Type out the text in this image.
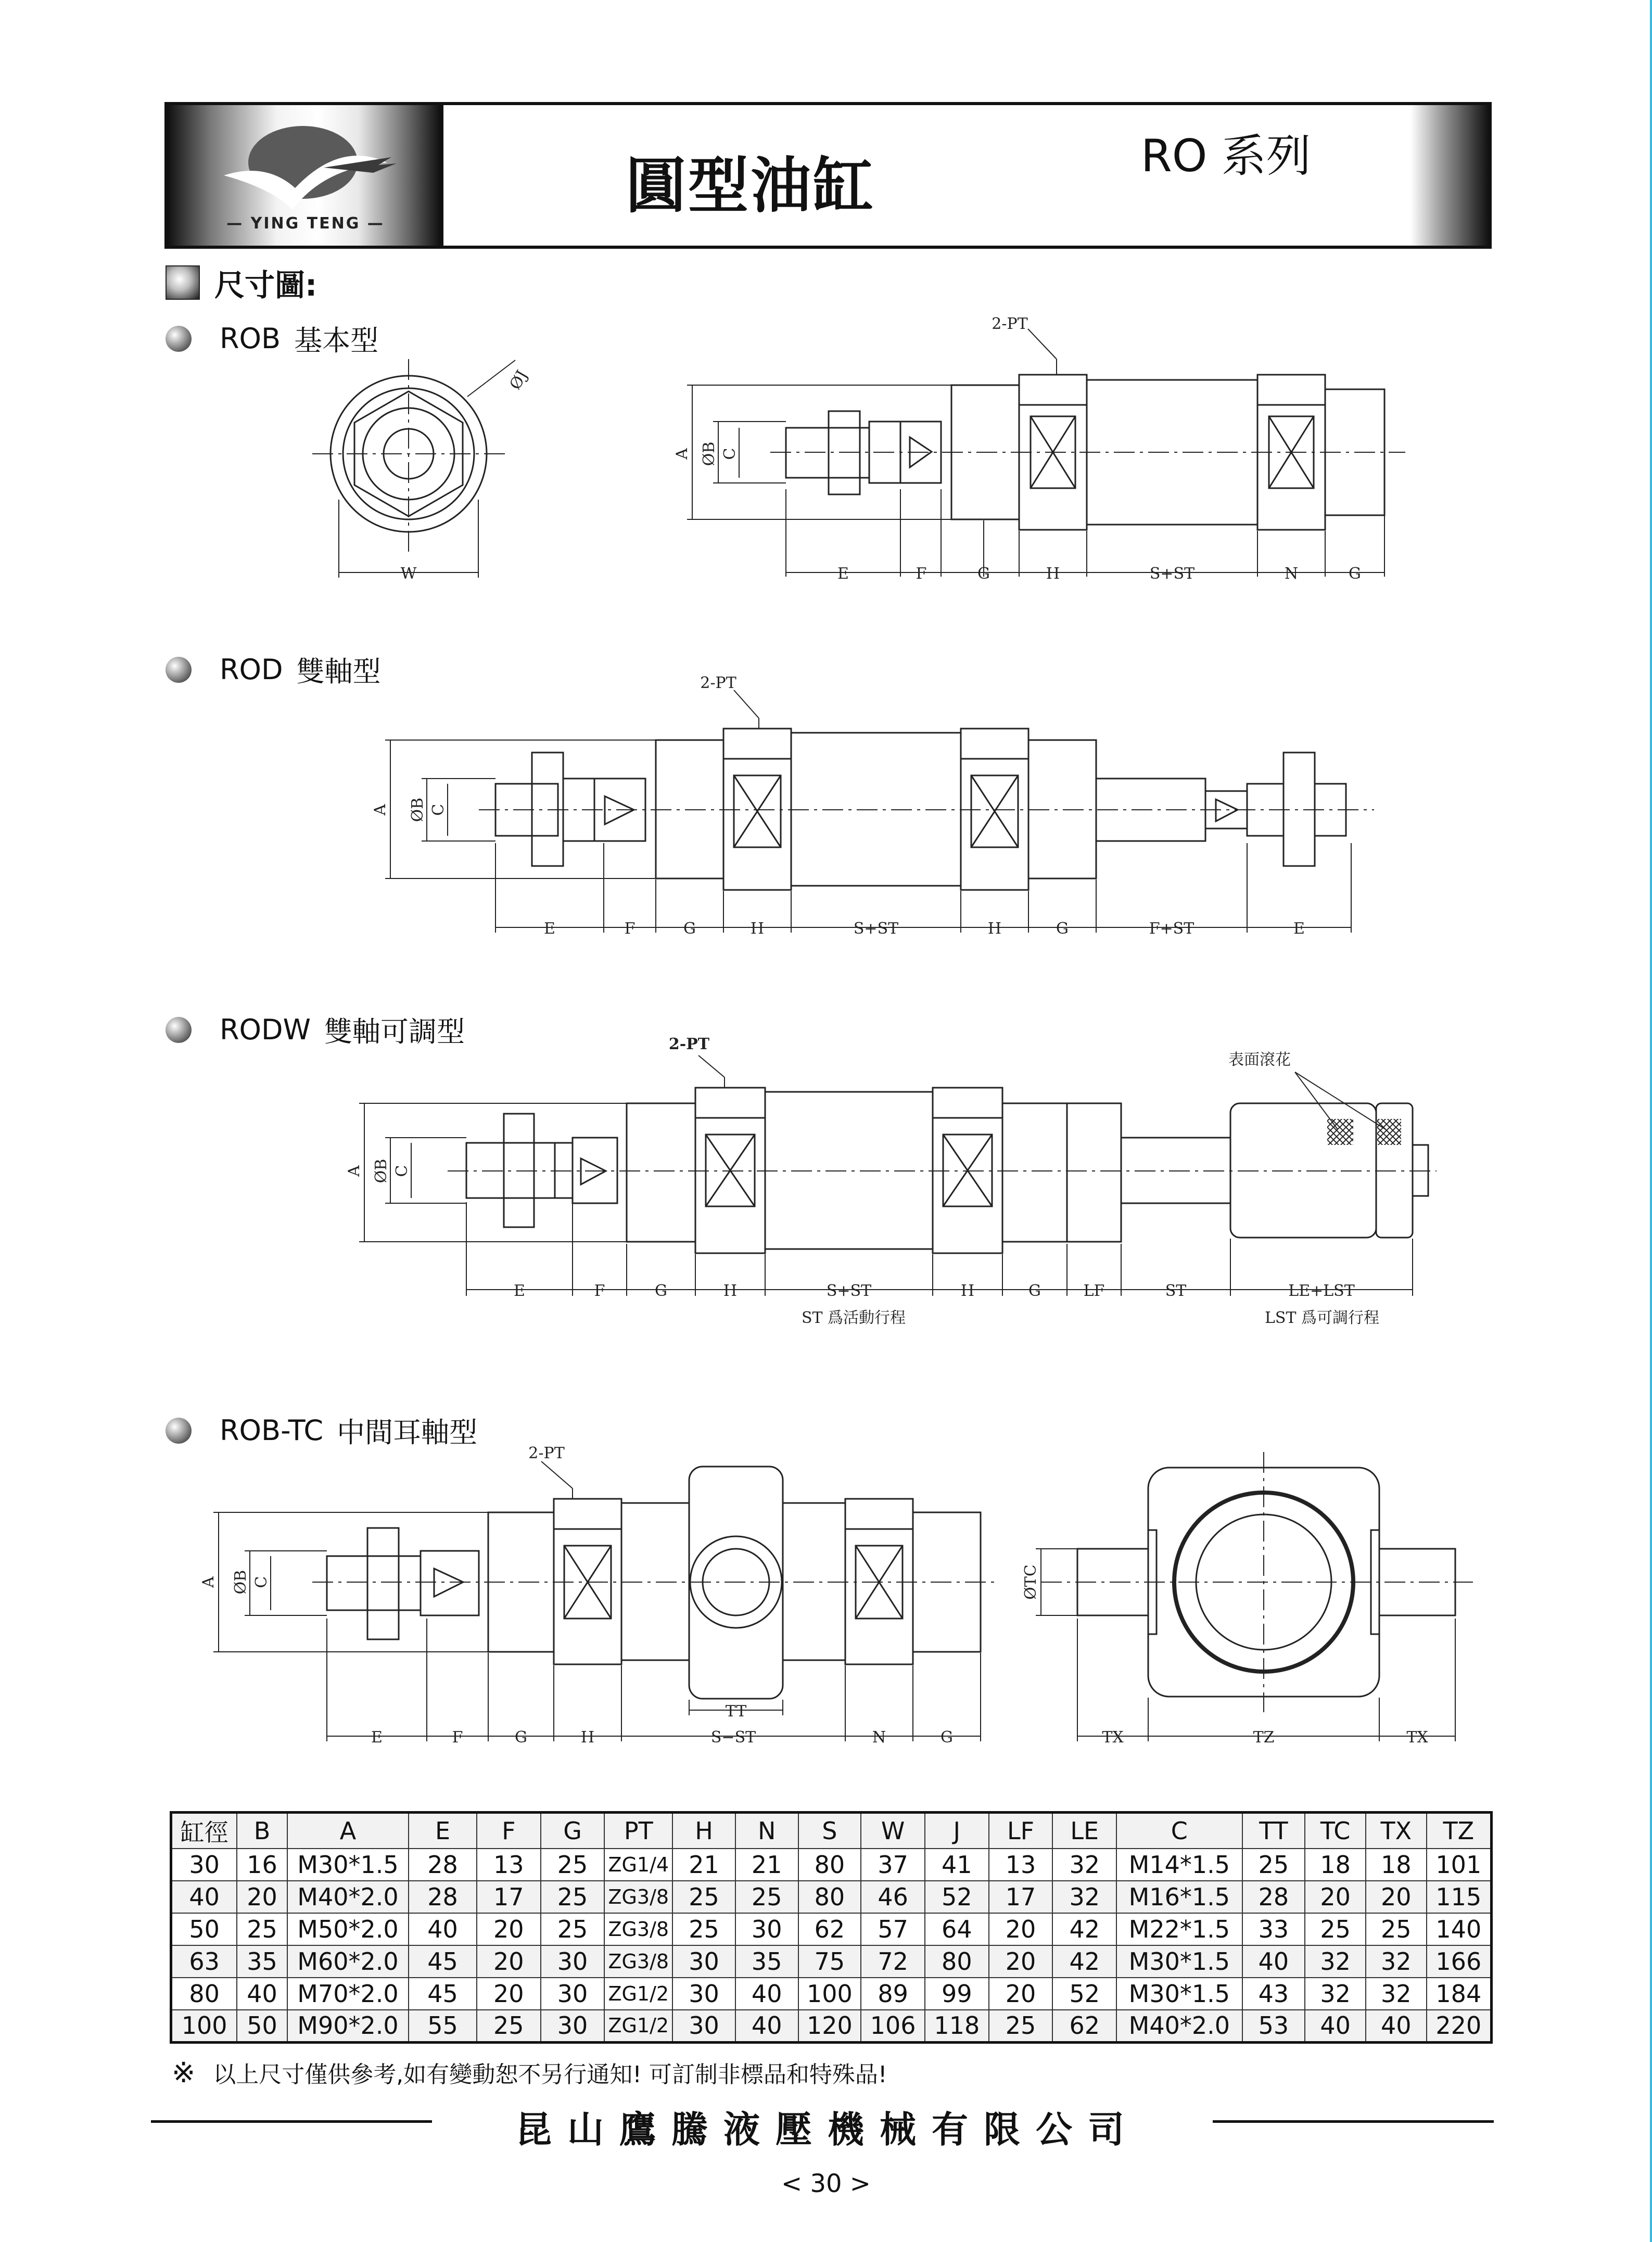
— YING TENG —
圓型油缸	RO 系列
尺寸圖:
ROB 基本型
ROD 雙軸型
RODW 雙軸可調型
ROB-TC 中間耳軸型
ØJ
W
2-PT
A ØB C
E	F	G	H	S+ST	N	G
2-PT
A ØB C
E	F	G	H	S+ST	H	G	F+ST	E
2-PT
表面滾花
A ØB C
E	F	G	H	S+ST	H	G	LF	ST	LE+LST
ST 爲活動行程	LST 爲可調行程
2-PT
A ØB C
E	F	G	H	S−ST	N	G
TT
ØTC
TX	TZ	TX
缸徑	B	A	E	F	G	PT	H	N	S	W	J	LF	LE	C	TT	TC	TX	TZ
30	16	M30*1.5	28	13	25	ZG1/4	21	21	80	37	41	13	32	M14*1.5	25	18	18	101
40	20	M40*2.0	28	17	25	ZG3/8	25	25	80	46	52	17	32	M16*1.5	28	20	20	115
50	25	M50*2.0	40	20	25	ZG3/8	25	30	62	57	64	20	42	M22*1.5	33	25	25	140
63	35	M60*2.0	45	20	30	ZG3/8	30	35	75	72	80	20	42	M30*1.5	40	32	32	166
80	40	M70*2.0	45	20	30	ZG1/2	30	40	100	89	99	20	52	M30*1.5	43	32	32	184
100	50	M90*2.0	55	25	30	ZG1/2	30	40	120	106	118	25	62	M40*2.0	53	40	40	220
※ 以上尺寸僅供參考,如有變動恕不另行通知! 可訂制非標品和特殊品!
昆山鷹騰液壓機械有限公司
< 30 >
